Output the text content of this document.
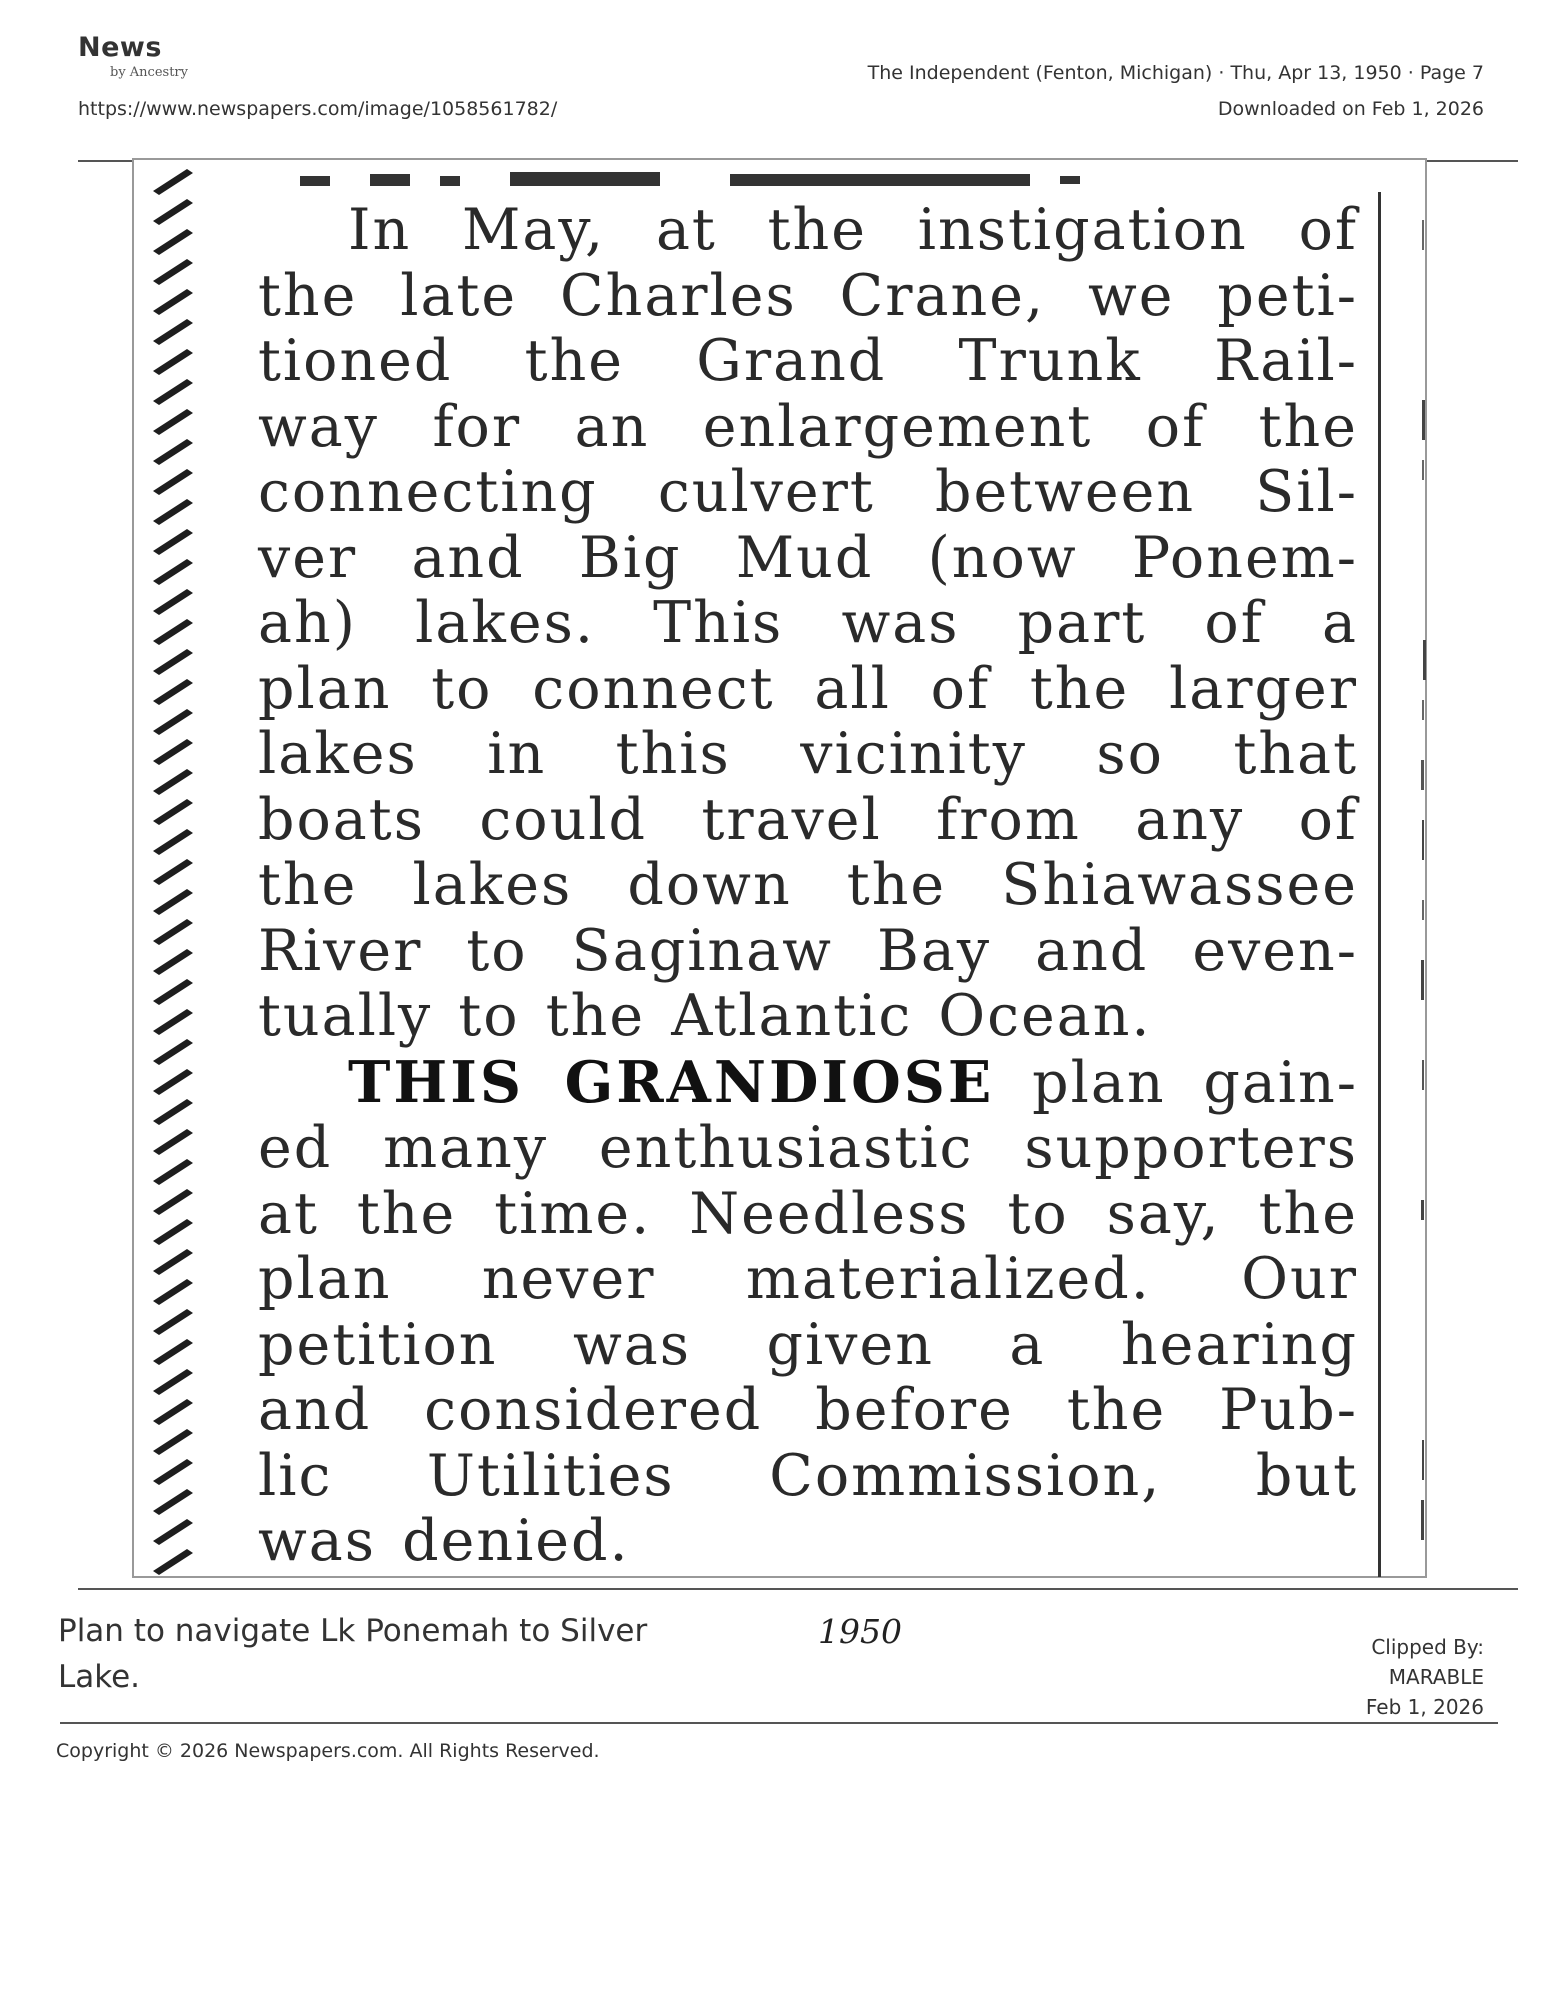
News
by Ancestry
https://www.newspapers.com/image/1058561782/
The Independent (Fenton, Michigan) · Thu, Apr 13, 1950 · Page 7
Downloaded on Feb 1, 2026
In May, at the instigation of
the late Charles Crane, we peti-
tioned the Grand Trunk Rail-
way for an enlargement of the
connecting culvert between Sil-
ver and Big Mud (now Ponem-
ah) lakes. This was part of a
plan to connect all of the larger
lakes in this vicinity so that
boats could travel from any of
the lakes down the Shiawassee
River to Saginaw Bay and even-
tually to the Atlantic Ocean.
THIS GRANDIOSE plan gain-
ed many enthusiastic supporters
at the time. Needless to say, the
plan never materialized. Our
petition was given a hearing
and considered before the Pub-
lic Utilities Commission, but
was denied.
Plan to navigate Lk Ponemah to Silver Lake.
1950	Clipped By:
MARABLE
Feb 1, 2026
Copyright © 2026 Newspapers.com. All Rights Reserved.
